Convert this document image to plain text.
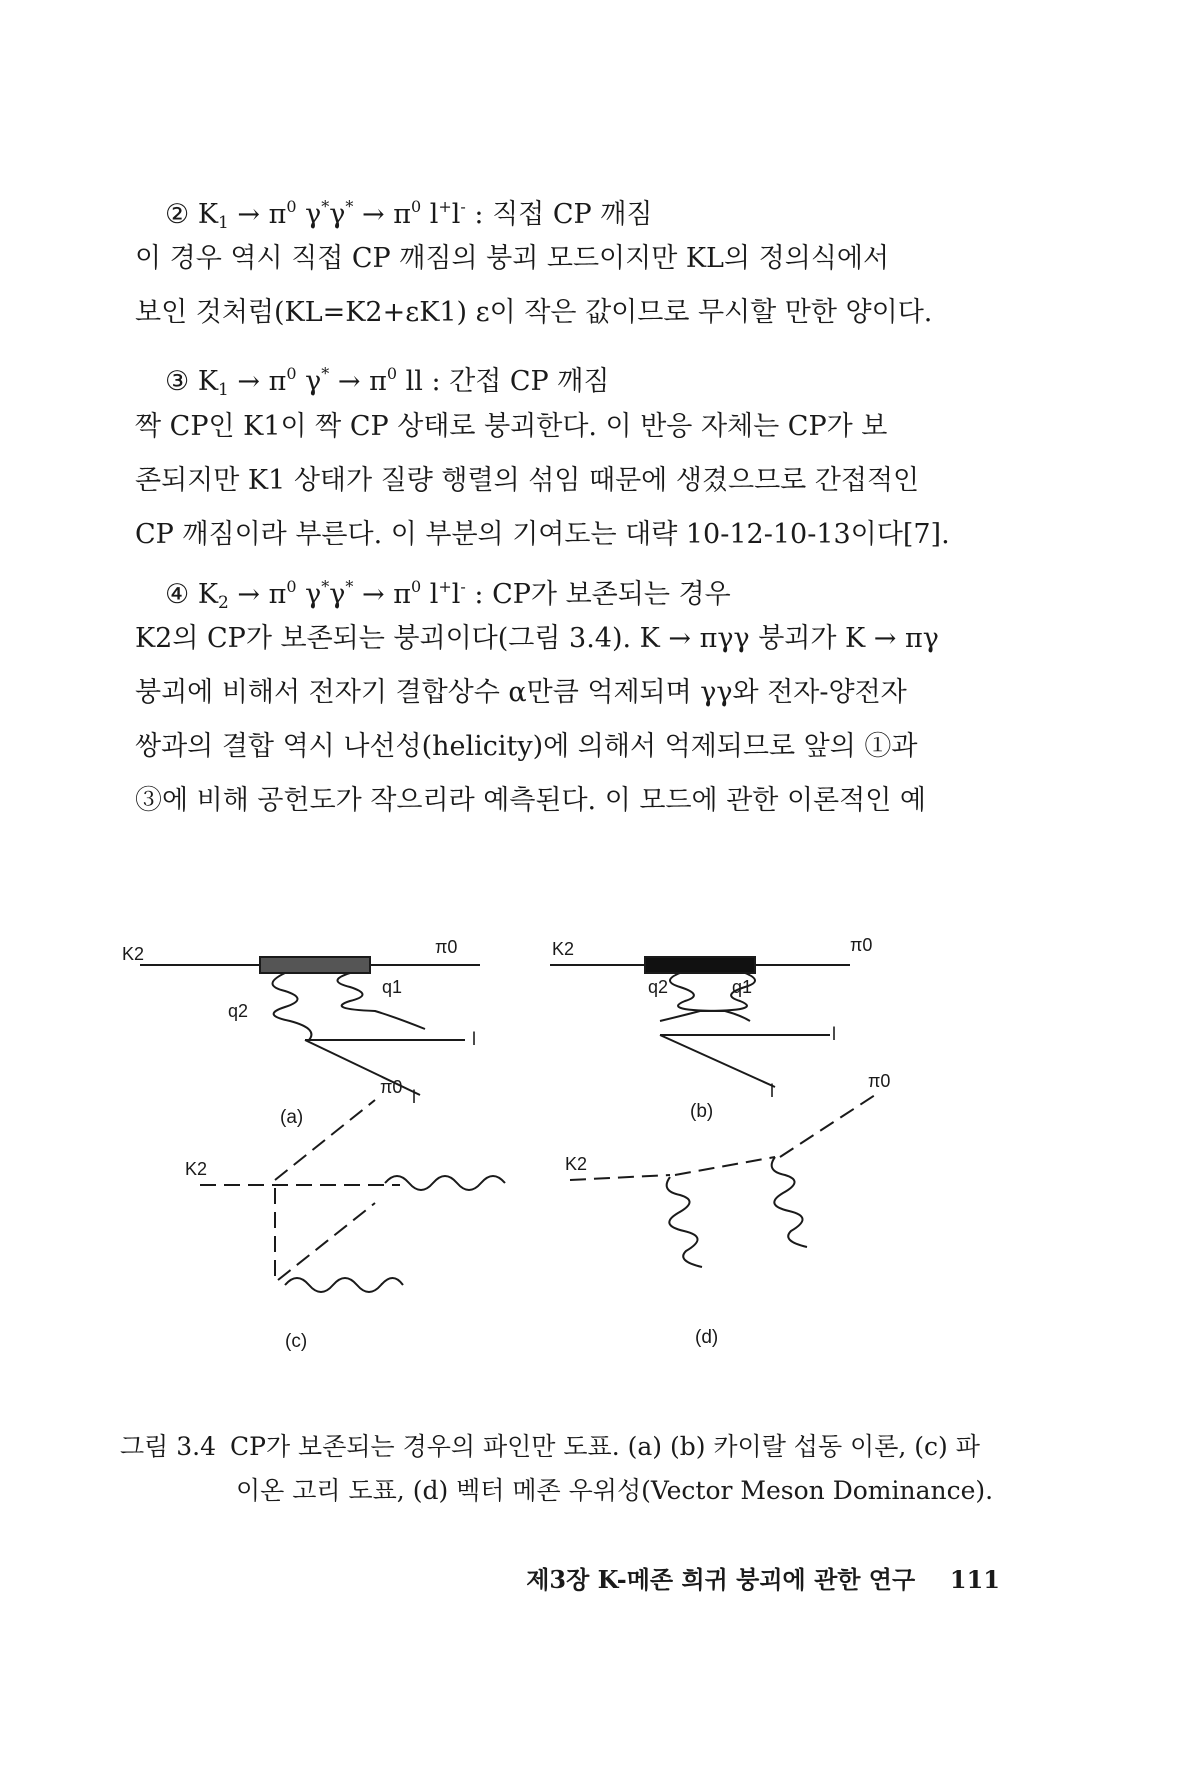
② $K_1 \to \pi^0$ $\gamma^*\gamma^* \to \pi^0$ l+l- : 직접 CP 깨짐
이 경우 역시 직접 CP 깨짐의 붕괴 모드이지만 KL의 정의식에서
보인 것처럼(KL=K2+εK1) ε이 작은 값이므로 무시할 만한 양이다.
③ $K_1 \to \pi^0$ $\gamma^* \to \pi^0$ ll : 간접 CP 깨짐
짝 CP인 K1이 짝 CP 상태로 붕괴한다. 이 반응 자체는 CP가 보
존되지만 K1 상태가 질량 행렬의 섞임 때문에 생겼으므로 간접적인
CP 깨짐이라 부른다. 이 부분의 기여도는 대략 10-12-10-13이다[7].
④ $K_2 \to \pi^0$ $\gamma^*\gamma^* \to \pi^0$ l+l- : CP가 보존되는 경우
K2의 CP가 보존되는 붕괴이다(그림 3.4). K → πγγ 붕괴가 K → πγ
붕괴에 비해서 전자기 결합상수 α만큼 억제되며 γγ와 전자-양전자
쌍과의 결합 역시 나선성(helicity)에 의해서 억제되므로 앞의 ①과
③에 비해 공헌도가 작으리라 예측된다. 이 모드에 관한 이론적인 예
K2	π0
q1
q2
l
l
(a)
K2	π0
q1
q2
l
l
(b)
K2
π0
(c)
K2
π0
(d)
그림 3.4 CP가 보존되는 경우의 파인만 도표. (a) (b) 카이랄 섭동 이론, (c) 파
이온 고리 도표, (d) 벡터 메존 우위성(Vector Meson Dominance).
제3장 K-메존 희귀 붕괴에 관한 연구 111
